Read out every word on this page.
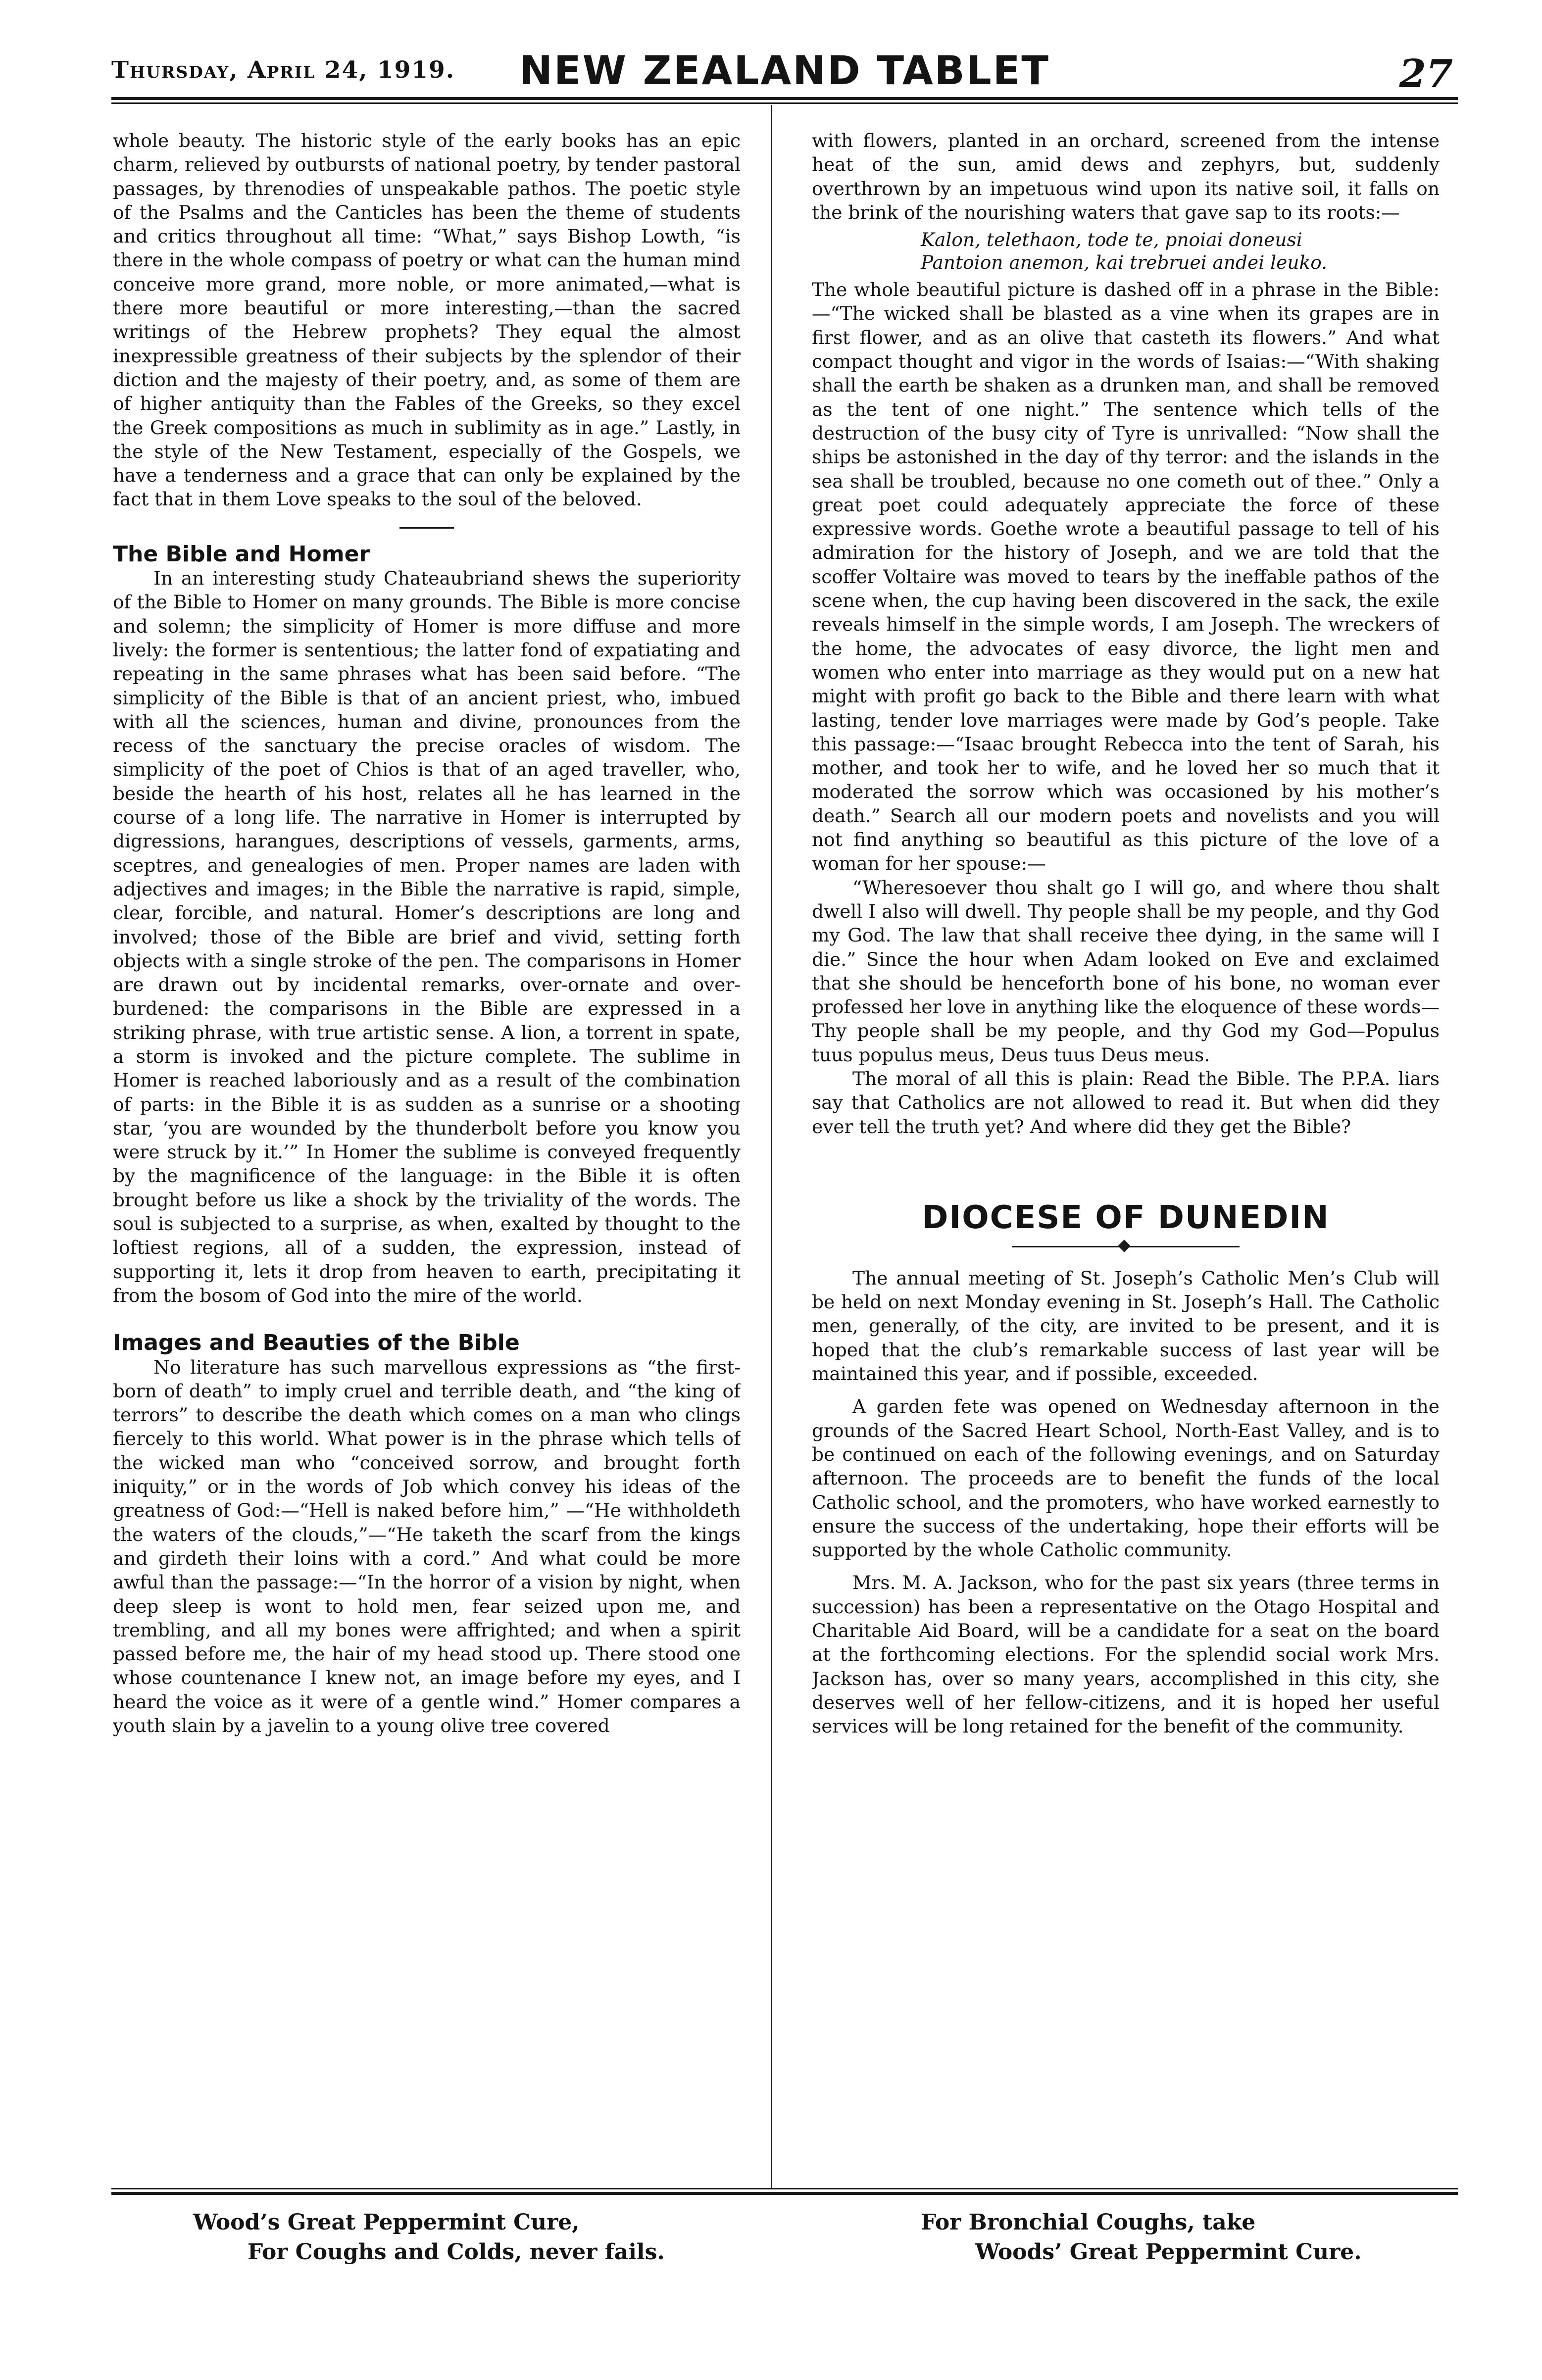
Thursday, April 24, 1919.	NEW ZEALAND TABLET	27

whole beauty. The historic style of the early books has an epic charm, relieved by outbursts of national poetry, by tender pastoral passages, by threnodies of unspeakable pathos. The poetic style of the Psalms and the Canticles has been the theme of students and critics throughout all time: “What,” says Bishop Lowth, “is there in the whole compass of poetry or what can the human mind conceive more grand, more noble, or more animated,—what is there more beautiful or more interesting,—than the sacred writings of the Hebrew prophets? They equal the almost inexpressible greatness of their subjects by the splendor of their diction and the majesty of their poetry, and, as some of them are of higher antiquity than the Fables of the Greeks, so they excel the Greek compositions as much in sublimity as in age.” Lastly, in the style of the New Testament, especially of the Gospels, we have a tenderness and a grace that can only be explained by the fact that in them Love speaks to the soul of the beloved.

The Bible and Homer

In an interesting study Chateaubriand shews the superiority of the Bible to Homer on many grounds. The Bible is more concise and solemn; the simplicity of Homer is more diffuse and more lively: the former is sententious; the latter fond of expatiating and repeating in the same phrases what has been said before. “The simplicity of the Bible is that of an ancient priest, who, imbued with all the sciences, human and divine, pronounces from the recess of the sanctuary the precise oracles of wisdom. The simplicity of the poet of Chios is that of an aged traveller, who, beside the hearth of his host, relates all he has learned in the course of a long life. The narrative in Homer is interrupted by digressions, harangues, descriptions of vessels, garments, arms, sceptres, and genealogies of men. Proper names are laden with adjectives and images; in the Bible the narrative is rapid, simple, clear, forcible, and natural. Homer’s descriptions are long and involved; those of the Bible are brief and vivid, setting forth objects with a single stroke of the pen. The comparisons in Homer are drawn out by incidental remarks, over-ornate and over-burdened: the comparisons in the Bible are expressed in a striking phrase, with true artistic sense. A lion, a torrent in spate, a storm is invoked and the picture complete. The sublime in Homer is reached laboriously and as a result of the combination of parts: in the Bible it is as sudden as a sunrise or a shooting star, ‘you are wounded by the thunderbolt before you know you were struck by it.’” In Homer the sublime is conveyed frequently by the magnificence of the language: in the Bible it is often brought before us like a shock by the triviality of the words. The soul is subjected to a surprise, as when, exalted by thought to the loftiest regions, all of a sudden, the expression, instead of supporting it, lets it drop from heaven to earth, precipitating it from the bosom of God into the mire of the world.

Images and Beauties of the Bible

No literature has such marvellous expressions as “the first-born of death” to imply cruel and terrible death, and “the king of terrors” to describe the death which comes on a man who clings fiercely to this world. What power is in the phrase which tells of the wicked man who “conceived sorrow, and brought forth iniquity,” or in the words of Job which convey his ideas of the greatness of God:—“Hell is naked before him,” —“He withholdeth the waters of the clouds,”—“He taketh the scarf from the kings and girdeth their loins with a cord.” And what could be more awful than the passage:—“In the horror of a vision by night, when deep sleep is wont to hold men, fear seized upon me, and trembling, and all my bones were affrighted; and when a spirit passed before me, the hair of my head stood up. There stood one whose countenance I knew not, an image before my eyes, and I heard the voice as it were of a gentle wind.” Homer compares a youth slain by a javelin to a young olive tree covered

with flowers, planted in an orchard, screened from the intense heat of the sun, amid dews and zephyrs, but, suddenly overthrown by an impetuous wind upon its native soil, it falls on the brink of the nourishing waters that gave sap to its roots:—

Kalon, telethaon, tode te, pnoiai doneusi
Pantoion anemon, kai trebruei andei leuko.

The whole beautiful picture is dashed off in a phrase in the Bible:—“The wicked shall be blasted as a vine when its grapes are in first flower, and as an olive that casteth its flowers.” And what compact thought and vigor in the words of Isaias:—“With shaking shall the earth be shaken as a drunken man, and shall be removed as the tent of one night.” The sentence which tells of the destruction of the busy city of Tyre is unrivalled: “Now shall the ships be astonished in the day of thy terror: and the islands in the sea shall be troubled, because no one cometh out of thee.” Only a great poet could adequately appreciate the force of these expressive words. Goethe wrote a beautiful passage to tell of his admiration for the history of Joseph, and we are told that the scoffer Voltaire was moved to tears by the ineffable pathos of the scene when, the cup having been discovered in the sack, the exile reveals himself in the simple words, I am Joseph. The wreckers of the home, the advocates of easy divorce, the light men and women who enter into marriage as they would put on a new hat might with profit go back to the Bible and there learn with what lasting, tender love marriages were made by God’s people. Take this passage:—“Isaac brought Rebecca into the tent of Sarah, his mother, and took her to wife, and he loved her so much that it moderated the sorrow which was occasioned by his mother’s death.” Search all our modern poets and novelists and you will not find anything so beautiful as this picture of the love of a woman for her spouse:—

“Wheresoever thou shalt go I will go, and where thou shalt dwell I also will dwell. Thy people shall be my people, and thy God my God. The law that shall receive thee dying, in the same will I die.” Since the hour when Adam looked on Eve and exclaimed that she should be henceforth bone of his bone, no woman ever professed her love in anything like the eloquence of these words—Thy people shall be my people, and thy God my God—Populus tuus populus meus, Deus tuus Deus meus.

The moral of all this is plain: Read the Bible. The P.P.A. liars say that Catholics are not allowed to read it. But when did they ever tell the truth yet? And where did they get the Bible?

DIOCESE OF DUNEDIN

The annual meeting of St. Joseph’s Catholic Men’s Club will be held on next Monday evening in St. Joseph’s Hall. The Catholic men, generally, of the city, are invited to be present, and it is hoped that the club’s remarkable success of last year will be maintained this year, and if possible, exceeded.

A garden fete was opened on Wednesday afternoon in the grounds of the Sacred Heart School, North-East Valley, and is to be continued on each of the following evenings, and on Saturday afternoon. The proceeds are to benefit the funds of the local Catholic school, and the promoters, who have worked earnestly to ensure the success of the undertaking, hope their efforts will be supported by the whole Catholic community.

Mrs. M. A. Jackson, who for the past six years (three terms in succession) has been a representative on the Otago Hospital and Charitable Aid Board, will be a candidate for a seat on the board at the forthcoming elections. For the splendid social work Mrs. Jackson has, over so many years, accomplished in this city, she deserves well of her fellow-citizens, and it is hoped her useful services will be long retained for the benefit of the community.

Wood’s Great Peppermint Cure,
For Coughs and Colds, never fails.
For Bronchial Coughs, take
Woods’ Great Peppermint Cure.
